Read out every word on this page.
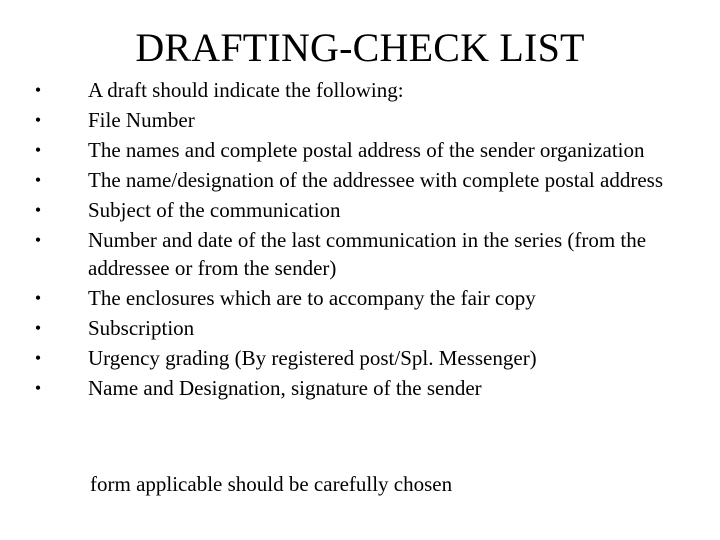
DRAFTING-CHECK LIST
•	A draft should indicate the following:
•	File Number
•	The names and complete postal address of the sender organization
•	The name/designation of the addressee with complete postal address
•	Subject of the communication
•	Number and date of the last communication in the series (from the addressee or from the sender)
•	The enclosures which are to accompany the fair copy
•	Subscription
•	Urgency grading (By registered post/Spl. Messenger)
•	Name and Designation, signature of the sender
form applicable should be carefully chosen
